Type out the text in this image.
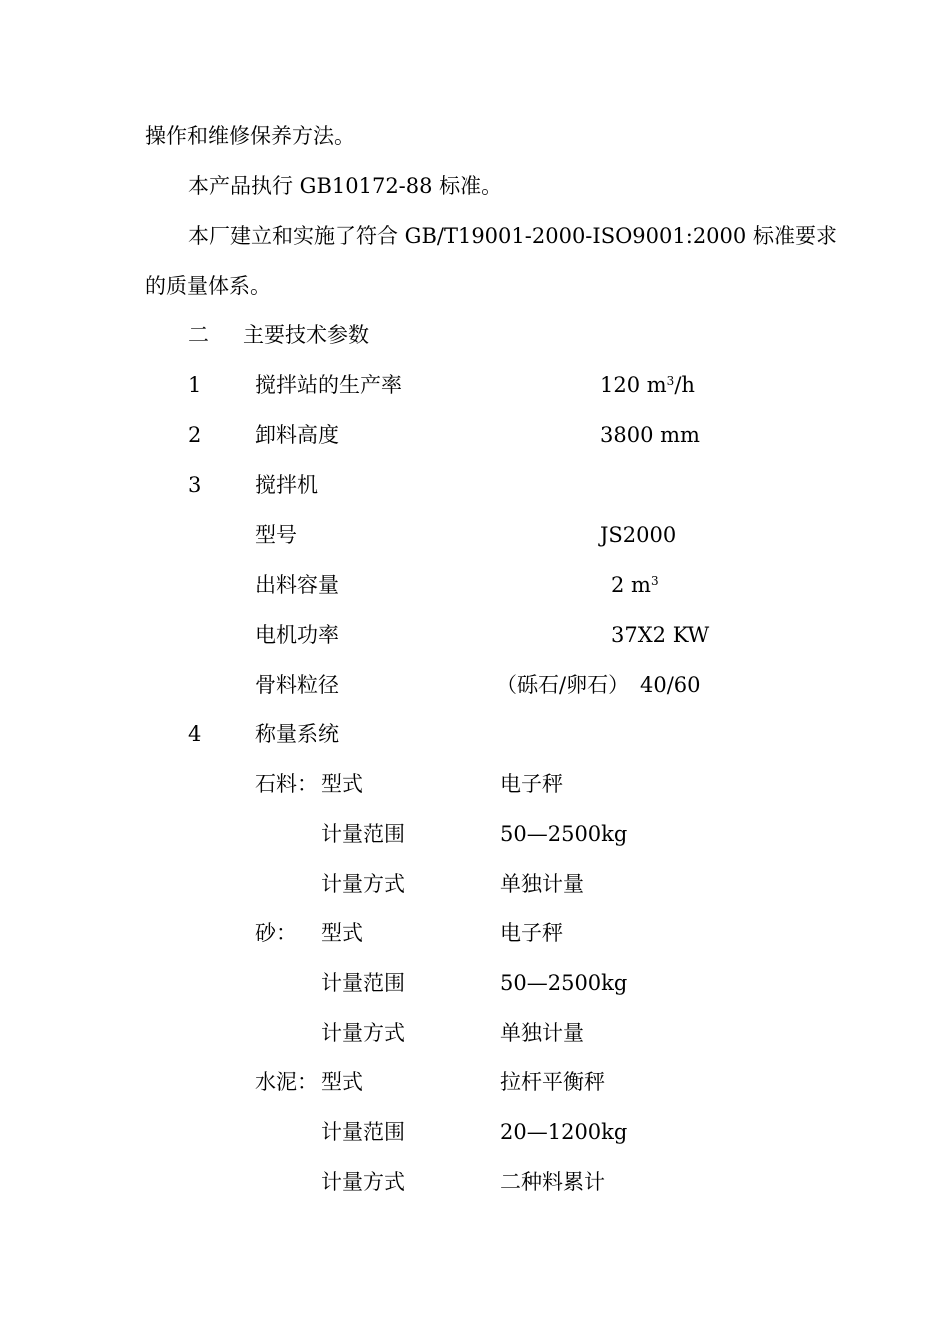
操作和维修保养方法。
本产品执行 GB10172-88 标准。
本厂建立和实施了符合 GB/T19001-2000-ISO9001:2000 标准要求
的质量体系。
二 主要技术参数
1	搅拌站的生产率	120 $m^3/h$
2	卸料高度	3800 mm
3	搅拌机
型号	JS2000
出料容量	2 $m^3$
电机功率	37X2 KW
骨料粒径	（砾石/卵石） 40/60
4	称量系统
石料： 型式	电子秤
计量范围	50—2500kg
计量方式	单独计量
砂： 型式	电子秤
计量范围	50—2500kg
计量方式	单独计量
水泥： 型式	拉杆平衡秤
计量范围	20—1200kg
计量方式	二种料累计
